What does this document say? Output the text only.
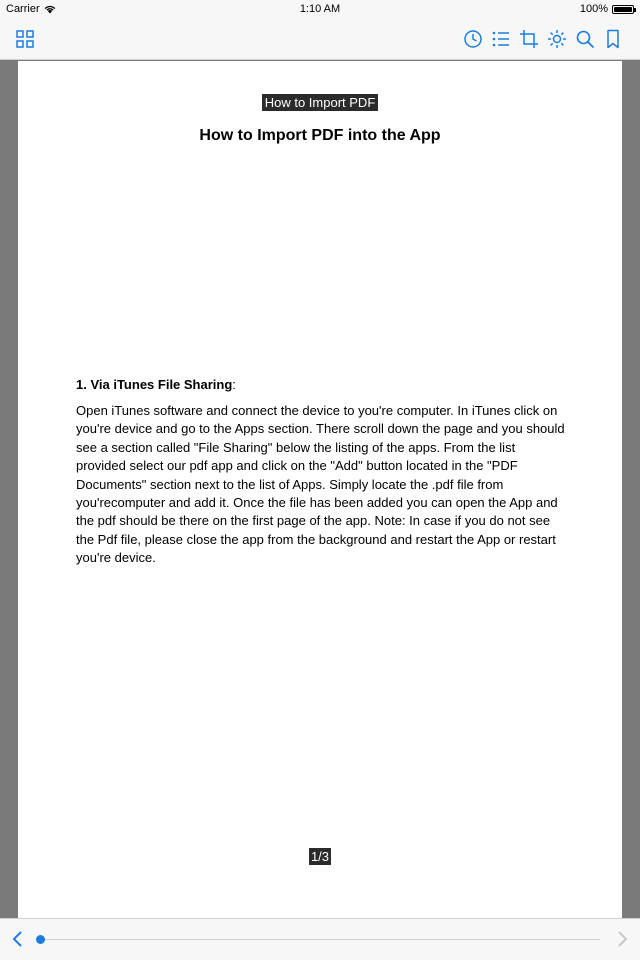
Carrier	1:10 AM	100%
How to Import PDF
How to Import PDF into the App
1. Via iTunes File Sharing:
Open iTunes software and connect the device to you're computer. In iTunes click on you're device and go to the Apps section. There scroll down the page and you should see a section called "File Sharing" below the listing of the apps. From the list provided select our pdf app and click on the "Add" button located in the "PDF Documents" section next to the list of Apps. Simply locate the .pdf file from you'recomputer and add it. Once the file has been added you can open the App and the pdf should be there on the first page of the app. Note: In case if you do not see the Pdf file, please close the app from the background and restart the App or restart you're device.
1/3
